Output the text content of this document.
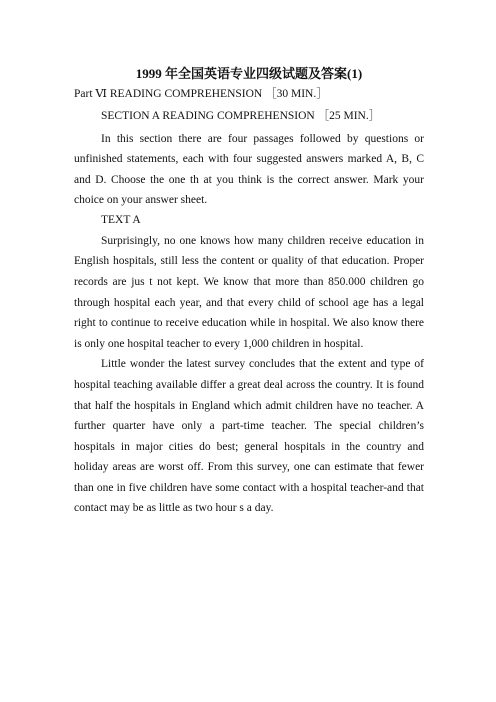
1999 年全国英语专业四级试题及答案(1)

Part Ⅵ READING COMPREHENSION ［30 MIN.］

SECTION A READING COMPREHENSION ［25 MIN.］

In this section there are four passages followed by questions or unfinished statements, each with four suggested answers marked A, B, C and D. Choose the one th at you think is the correct answer. Mark your choice on your answer sheet.

TEXT A

Surprisingly, no one knows how many children receive education in English hospitals, still less the content or quality of that education. Proper records are jus t not kept. We know that more than 850.000 children go through hospital each year, and that every child of school age has a legal right to continue to receive education while in hospital. We also know there is only one hospital teacher to every 1,000 children in hospital.

Little wonder the latest survey concludes that the extent and type of hospital teaching available differ a great deal across the country. It is found that half the hospitals in England which admit children have no teacher. A further quarter have only a part-time teacher. The special children’s hospitals in major cities do best; general hospitals in the country and holiday areas are worst off. From this survey, one can estimate that fewer than one in five children have some contact with a hospital teacher-and that contact may be as little as two hour s a day.
